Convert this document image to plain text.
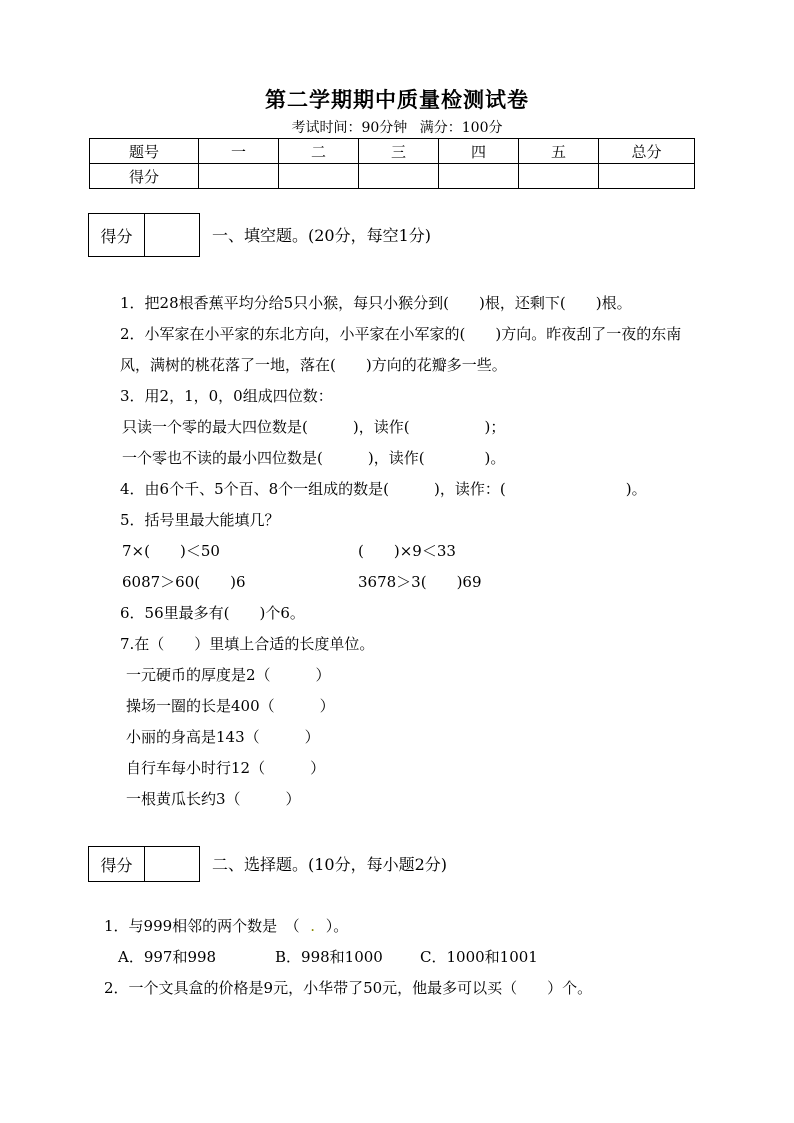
第二学期期中质量检测试卷
考试时间：90分钟 满分：100分
题号	一	二	三	四	五	总分
得分						
得分	一、填空题。(20分，每空1分)
1．把28根香蕉平均分给5只小猴，每只小猴分到(　　)根，还剩下(　　)根。
2．小军家在小平家的东北方向，小平家在小军家的(　　)方向。昨夜刮了一夜的东南
风，满树的桃花落了一地，落在(　　)方向的花瓣多一些。
3．用2，1，0，0组成四位数：
只读一个零的最大四位数是(　　　)，读作(　　　　　)；
一个零也不读的最小四位数是(　　　)，读作(　　　　)。
4．由6个千、5个百、8个一组成的数是(　　　)，读作：(　　　　　　　　)。
5．括号里最大能填几？
7×(　　)＜50	(　　)×9＜33
6087＞60(　　)6	3678＞3(　　)69
6．56里最多有(　　)个6。
7.在（　　）里填上合适的长度单位。
一元硬币的厚度是2（　　　）
操场一圈的长是400（　　　）
小丽的身高是143（　　　）
自行车每小时行12（　　　）
一根黄瓜长约3（　　　）
得分	二、选择题。(10分，每小题2分)
1．与999相邻的两个数是　（ . ）。
A．997和998	B．998和1000 C．1000和1001
2．一个文具盒的价格是9元，小华带了50元，他最多可以买（　　）个。
